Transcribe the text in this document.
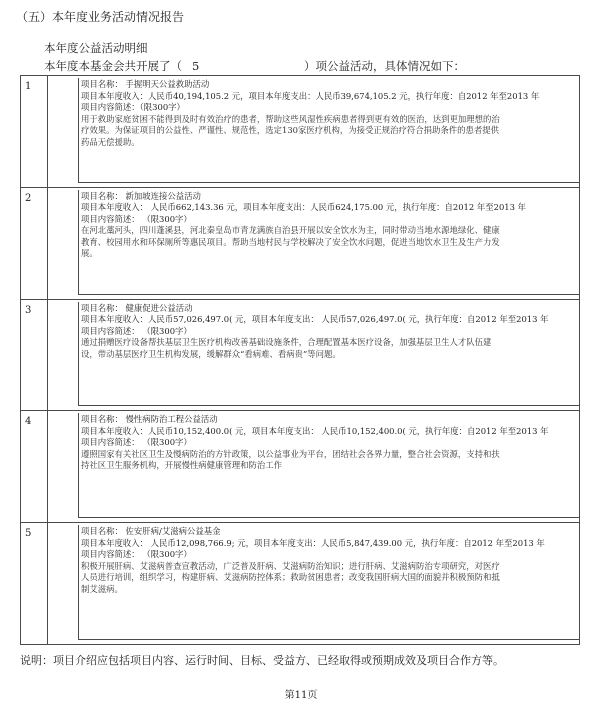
（五）本年度业务活动情况报告
本年度公益活动明细
本年度本基金会共开展了（ 5	）项公益活动，具体情况如下：
1	项目名称： 手握明天公益救助活动
项目本年度收入：人民币40,194,105.2 元，项目本年度支出：人民币39,674,105.2 元，执行年度：自2012 年至2013 年
项目内容简述：（限300字）
用于救助家庭贫困不能得到及时有效治疗的患者，帮助这些风湿性疾病患者得到更有效的医治，达到更加理想的治
疗效果。为保证项目的公益性、严谨性、规范性，选定130家医疗机构，为接受正规治疗符合捐助条件的患者提供
药品无偿援助。
2	项目名称： 新加坡连接公益活动
项目本年度收入： 人民币662,143.36 元，项目本年度支出：人民币624,175.00 元，执行年度：自2012 年至2013 年
项目内容简述： （限300字）
在河北藁河头，四川蓬溪县，河北秦皇岛市青龙满族自治县开展以安全饮水为主，同时带动当地水源地绿化、健康
教育、校园用水和环保厕所等惠民项目。帮助当地村民与学校解决了安全饮水问题，促进当地饮水卫生及生产力发
展。
3	项目名称： 健康促进公益活动
项目本年度收入：人民币57,026,497.0( 元，项目本年度支出： 人民币57,026,497.0( 元，执行年度：自2012 年至2013 年
项目内容简述： （限300字）
通过捐赠医疗设备帮扶基层卫生医疗机构改善基础设施条件，合理配置基本医疗设备，加强基层卫生人才队伍建
设，带动基层医疗卫生机构发展，缓解群众“看病难、看病贵”等问题。
4	项目名称： 慢性病防治工程公益活动
项目本年度收入：人民币10,152,400.0( 元，项目本年度支出： 人民币10,152,400.0( 元，执行年度：自2012 年至2013 年
项目内容简述： （限300字）
遵照国家有关社区卫生及慢病防治的方针政策，以公益事业为平台，团结社会各界力量，整合社会资源，支持和扶
持社区卫生服务机构，开展慢性病健康管理和防治工作
5	项目名称： 佐安肝病/艾滋病公益基金
项目本年度收入： 人民币12,098,766.9; 元，项目本年度支出：人民币5,847,439.00 元，执行年度：自2012 年至2013 年
项目内容简述： （限300字）
积极开展肝病、艾滋病普查宣教活动，广泛普及肝病、艾滋病防治知识；进行肝病、艾滋病防治专项研究，对医疗
人员进行培训，组织学习，构建肝病、艾滋病防控体系；救助贫困患者；改变我国肝病大国的面貌并积极预防和抵
制艾滋病。
说明：项目介绍应包括项目内容、运行时间、目标、受益方、已经取得或预期成效及项目合作方等。
第11页
